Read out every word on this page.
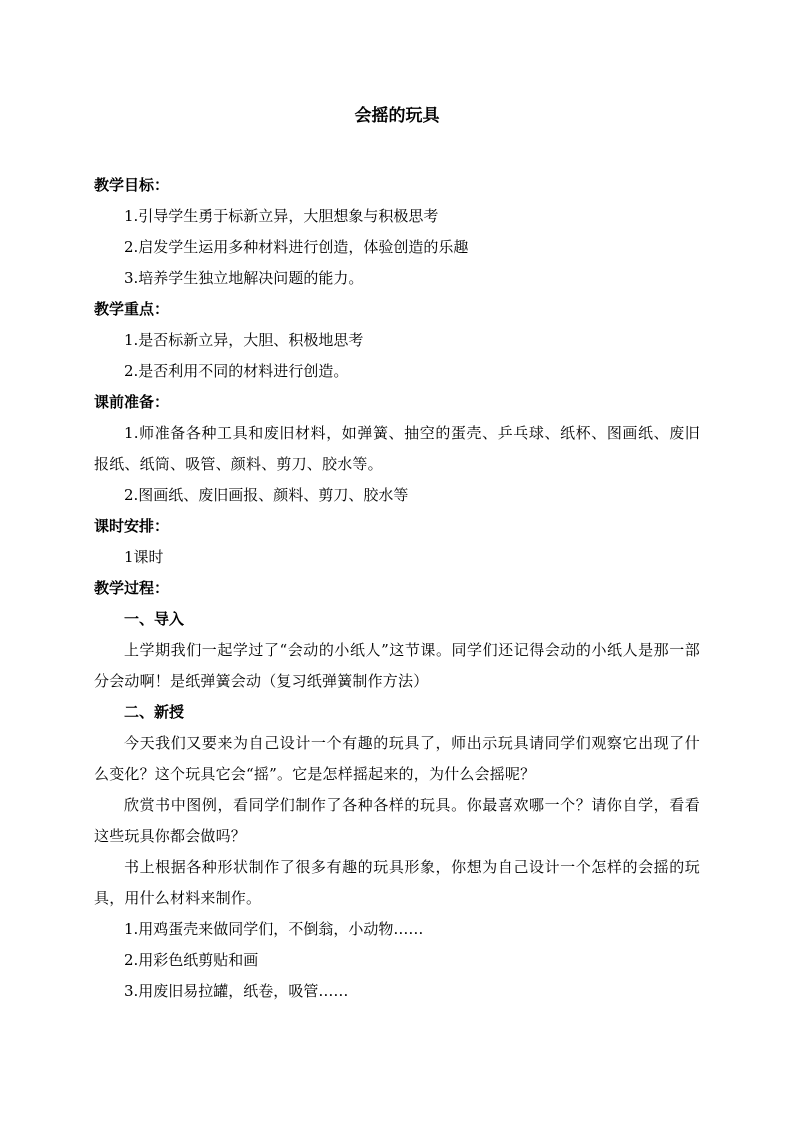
会摇的玩具
教学目标：
1.引导学生勇于标新立异，大胆想象与积极思考
2.启发学生运用多种材料进行创造，体验创造的乐趣
3.培养学生独立地解决问题的能力。
教学重点：
1.是否标新立异，大胆、积极地思考
2.是否利用不同的材料进行创造。
课前准备：
1.师准备各种工具和废旧材料，如弹簧、抽空的蛋壳、乒乓球、纸杯、图画纸、废旧报纸、纸筒、吸管、颜料、剪刀、胶水等。
2.图画纸、废旧画报、颜料、剪刀、胶水等
课时安排：
1课时
教学过程：
一、导入
上学期我们一起学过了“会动的小纸人”这节课。同学们还记得会动的小纸人是那一部分会动啊！是纸弹簧会动（复习纸弹簧制作方法）
二、新授
今天我们又要来为自己设计一个有趣的玩具了，师出示玩具请同学们观察它出现了什么变化？这个玩具它会“摇”。它是怎样摇起来的，为什么会摇呢？
欣赏书中图例，看同学们制作了各种各样的玩具。你最喜欢哪一个？请你自学，看看这些玩具你都会做吗？
书上根据各种形状制作了很多有趣的玩具形象，你想为自己设计一个怎样的会摇的玩具，用什么材料来制作。
1.用鸡蛋壳来做同学们，不倒翁，小动物……
2.用彩色纸剪贴和画
3.用废旧易拉罐，纸卷，吸管……
